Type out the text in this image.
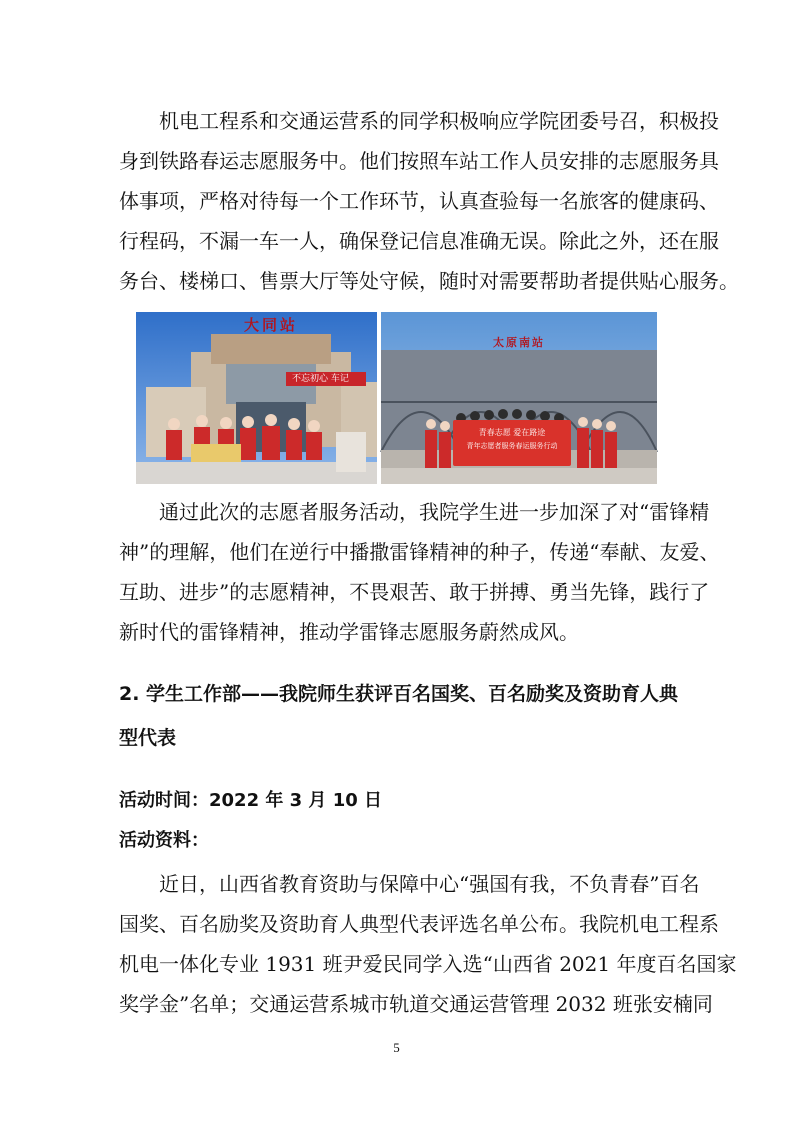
机电工程系和交通运营系的同学积极响应学院团委号召，积极投
身到铁路春运志愿服务中。他们按照车站工作人员安排的志愿服务具
体事项，严格对待每一个工作环节，认真查验每一名旅客的健康码、
行程码，不漏一车一人，确保登记信息准确无误。除此之外，还在服
务台、楼梯口、售票大厅等处守候，随时对需要帮助者提供贴心服务。
大同站
不忘初心 车记
太原南站
青春志愿 爱在路途
青年志愿者服务春运服务行动
通过此次的志愿者服务活动，我院学生进一步加深了对“雷锋精
神”的理解，他们在逆行中播撒雷锋精神的种子，传递“奉献、友爱、
互助、进步”的志愿精神，不畏艰苦、敢于拼搏、勇当先锋，践行了
新时代的雷锋精神，推动学雷锋志愿服务蔚然成风。
2. 学生工作部——我院师生获评百名国奖、百名励奖及资助育人典
型代表
活动时间：2022 年 3 月 10 日
活动资料：
近日，山西省教育资助与保障中心“强国有我，不负青春”百名
国奖、百名励奖及资助育人典型代表评选名单公布。我院机电工程系
机电一体化专业 1931 班尹爱民同学入选“山西省 2021 年度百名国家
奖学金”名单；交通运营系城市轨道交通运营管理 2032 班张安楠同
5
